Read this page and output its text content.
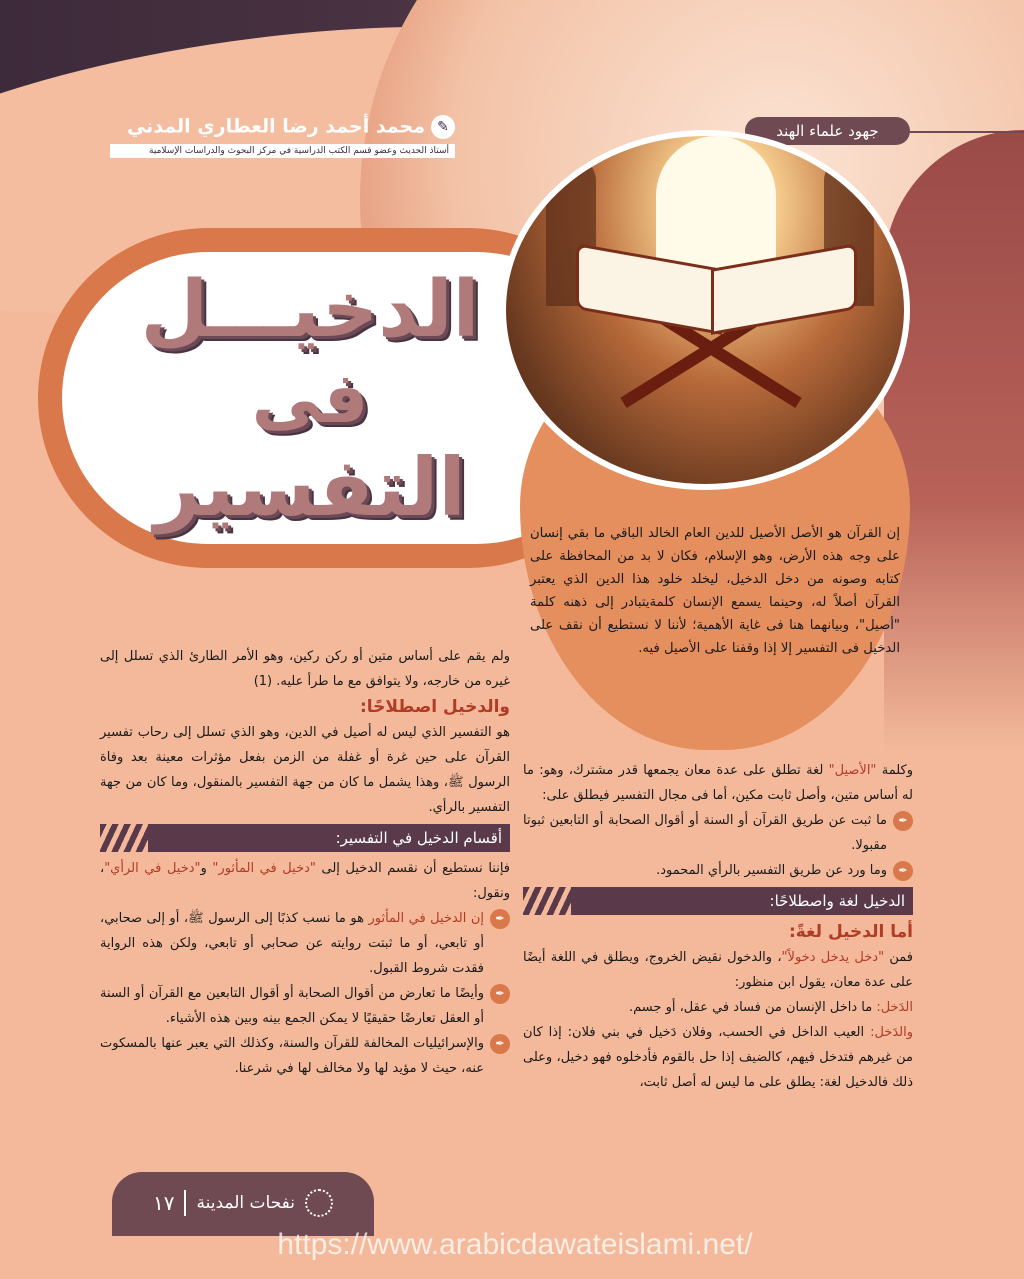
✎محمد أحمد رضا العطاري المدني
أستاذ الحديث وعضو قسم الكتب الدراسية في مركز البحوث والدراسات الإسلامية
جهود علماء الهند
الدخيـــل
فى
التفسير	إن القرآن هو الأصل الأصيل للدين العام الخالد الباقي ما بقي إنسان على وجه هذه الأرض، وهو الإسلام، فكان لا بد من المحافظة على كتابه وصونه من دخل الدخيل، ليخلد خلود هذا الدين الذي يعتبر القرآن أصلاً له، وحينما يسمع الإنسان كلمةيتبادر إلى ذهنه كلمة "أصيل"، وبيانهما هنا فى غاية الأهمية؛ لأننا لا نستطيع أن نقف على الدخيل فى التفسير إلا إذا وقفنا على الأصيل فيه.
ولم يقم على أساس متين أو ركن ركين، وهو الأمر الطارئ الذي تسلل إلى غيره من خارجه، ولا يتوافق مع ما طرأ عليه. (1)
والدخيل اصطلاحًا:
هو التفسير الذي ليس له أصيل في الدين، وهو الذي تسلل إلى رحاب تفسير القرآن على حين غرة أو غفلة من الزمن بفعل مؤثرات معينة بعد وفاة الرسول ﷺ، وهذا يشمل ما كان من جهة التفسير بالمنقول، وما كان من جهة التفسير بالرأي.
أقسام الدخيل في التفسير:
فإننا نستطيع أن نقسم الدخيل إلى "دخيل في المأثور" و"دخيل في الرأي"، ونقول:
✒
إن الدخيل في المأثور هو ما نسب كذبًا إلى الرسول ﷺ، أو إلى صحابي، أو تابعي، أو ما ثبتت روايته عن صحابي أو تابعي، ولكن هذه الرواية فقدت شروط القبول.
✒
وأيضًا ما تعارض من أقوال الصحابة أو أقوال التابعين مع القرآن أو السنة أو العقل تعارضًا حقيقيًا لا يمكن الجمع بينه وبين هذه الأشياء.
✒
والإسرائيليات المخالفة للقرآن والسنة، وكذلك التي يعبر عنها بالمسكوت عنه، حيث لا مؤيد لها ولا مخالف لها في شرعنا.
وكلمة "الأصيل" لغة تطلق على عدة معان يجمعها قدر مشترك، وهو: ما له أساس متين، وأصل ثابت مكين، أما فى مجال التفسير فيطلق على:
✒
ما ثبت عن طريق القرآن أو السنة أو أقوال الصحابة أو التابعين ثبوتا مقبولا.
✒
وما ورد عن طريق التفسير بالرأي المحمود.
الدخيل لغة واصطلاحًا:
أما الدخيل لغةً:
فمن "دخل يدخل دخولاً"، والدخول نقيض الخروج، ويطلق في اللغة أيضًا على عدة معان، يقول ابن منظور:
الدَخل: ما داخل الإنسان من فساد في عقل، أو جسم.
والدَخل: العيب الداخل في الحسب، وفلان دَخيل في بني فلان: إذا كان من غيرهم فتدخل فيهم، كالضيف إذا حل بالقوم فأدخلوه فهو دخيل، وعلى ذلك فالدخيل لغة: يطلق على ما ليس له أصل ثابت،
نفحات المدينة
١٧
https://www.arabicdawateislami.net/
